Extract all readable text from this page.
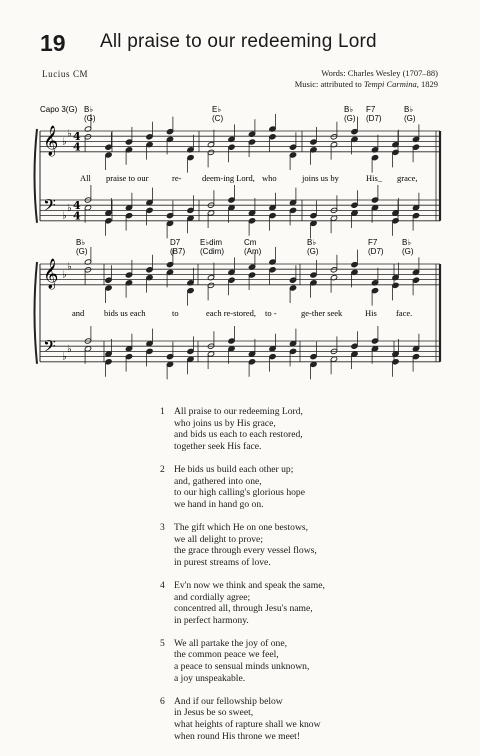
19 All praise to our redeeming Lord
Lucius CM	Words: Charles Wesley (1707–88)
Music: attributed to Tempi Carmina, 1829
Capo 3(G)
𝄞
𝄢
♭
♭
♭
♭
4
4
4
4
B♭
(G)
E♭
(C)
B♭
(G)
F7
(D7)
B♭
(G)
All praise to our	re- deem-ing Lord, who	joins us by	His_ grace,
𝄞
𝄢
♭
♭
♭
♭
B♭
(G)
D7
(B7)
E♭dim
(Cdim)
Cm
(Am)
B♭
(G)
F7
(D7)
B♭
(G)
and bids us each	to	each re-stored, to -	ge-ther seek	His face.
1 All praise to our redeeming Lord,
who joins us by His grace,
and bids us each to each restored,
together seek His face.
2 He bids us build each other up;
and, gathered into one,
to our high calling's glorious hope
we hand in hand go on.
3 The gift which He on one bestows,
we all delight to prove;
the grace through every vessel flows,
in purest streams of love.
4 Ev'n now we think and speak the same,
and cordially agree;
concentred all, through Jesu's name,
in perfect harmony.
5 We all partake the joy of one,
the common peace we feel,
a peace to sensual minds unknown,
a joy unspeakable.
6 And if our fellowship below
in Jesus be so sweet,
what heights of rapture shall we know
when round His throne we meet!
